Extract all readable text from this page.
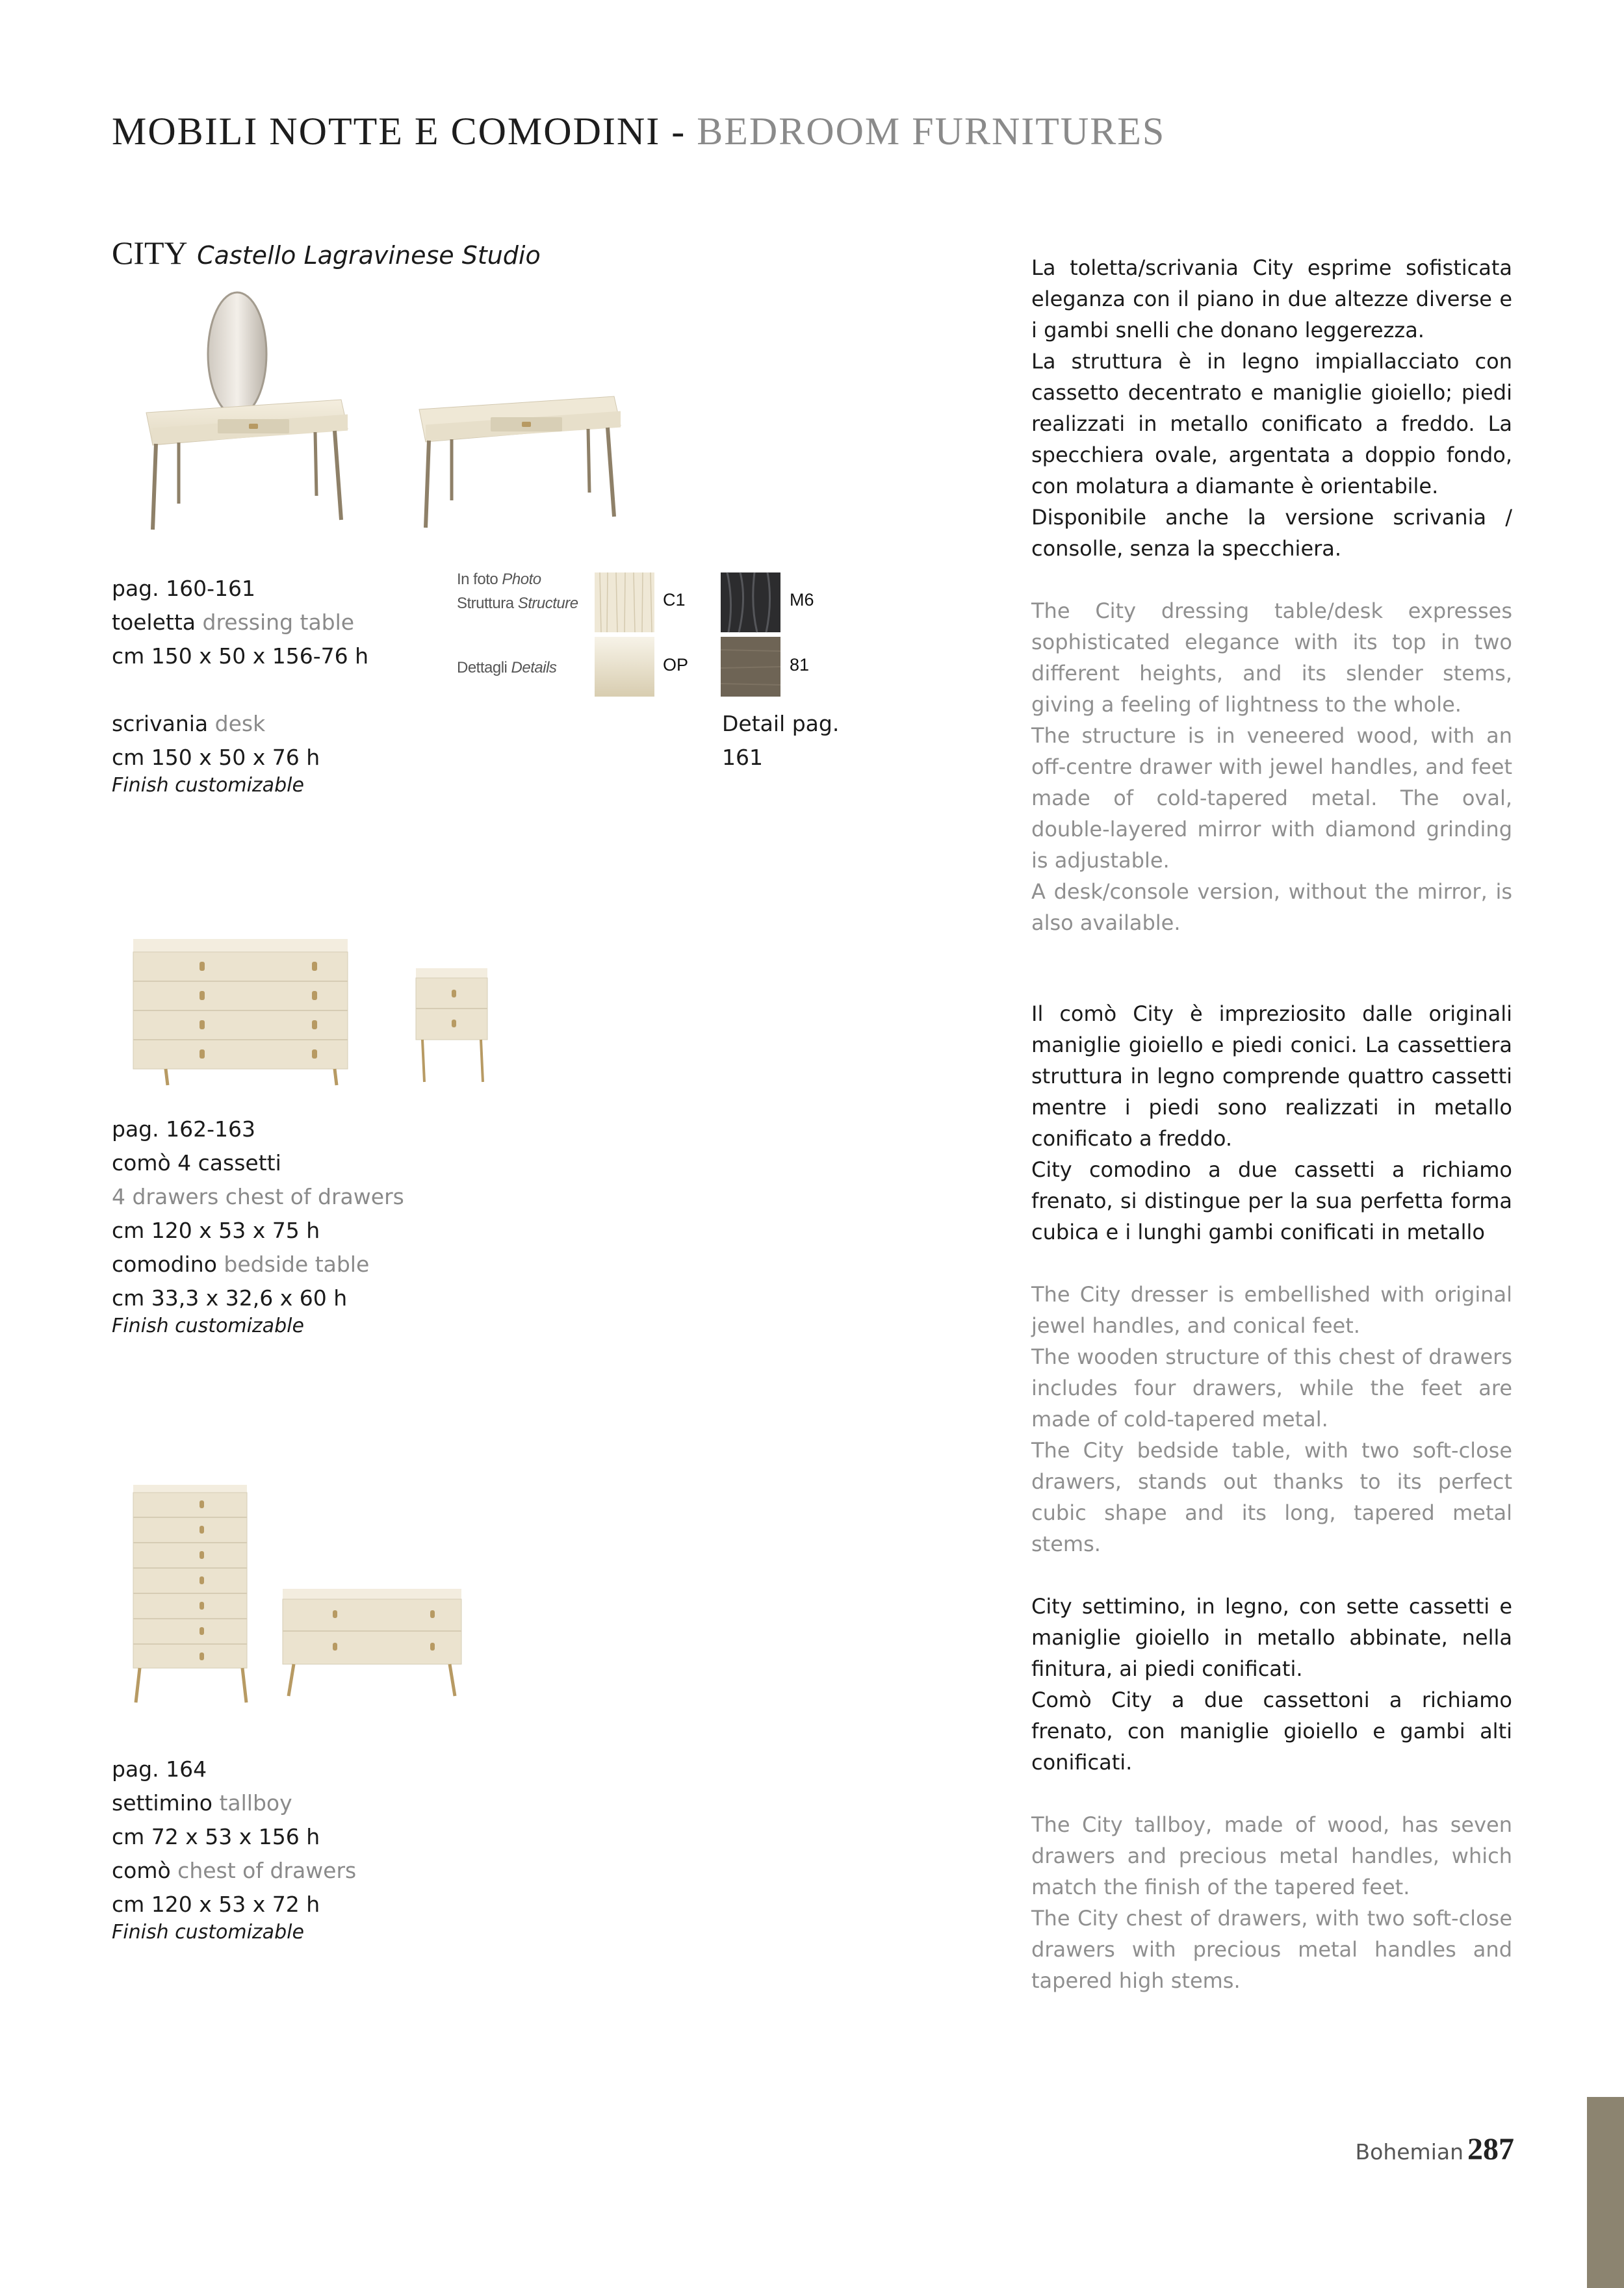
MOBILI NOTTE E COMODINI - BEDROOM FURNITURES
CITY Castello Lagravinese Studio
pag. 160-161
toeletta dressing table
cm 150 x 50 x 156-76 h
scrivania desk
cm 150 x 50 x 76 h
Finish customizable
In foto Photo
Struttura Structure
Dettagli Details
C1	M6
OP	81
Detail pag.
161

La toletta/scrivania City esprime sofisticata eleganza con il piano in due altezze diverse e i gambi snelli che donano leggerezza.

La struttura è in legno impiallacciato con cassetto decentrato e maniglie gioiello; piedi realizzati in metallo conificato a freddo. La specchiera ovale, argentata a doppio fondo, con molatura a diamante è orientabile.

Disponibile anche la versione scrivania / consolle, senza la specchiera.

The City dressing table/desk expresses sophisticated elegance with its top in two different heights, and its slender stems, giving a feeling of lightness to the whole.

The structure is in veneered wood, with an off-centre drawer with jewel handles, and feet made of cold-tapered metal. The oval, double-layered mirror with diamond grinding is adjustable.

A desk/console version, without the mirror, is also available.

pag. 162-163
comò 4 cassetti
4 drawers chest of drawers
cm 120 x 53 x 75 h
comodino bedside table
cm 33,3 x 32,6 x 60 h
Finish customizable

Il comò City è impreziosito dalle originali maniglie gioiello e piedi conici. La cassettiera struttura in legno comprende quattro cassetti mentre i piedi sono realizzati in metallo conificato a freddo.

City comodino a due cassetti a richiamo frenato, si distingue per la sua perfetta forma cubica e i lunghi gambi conificati in metallo

The City dresser is embellished with original jewel handles, and conical feet.

The wooden structure of this chest of drawers includes four drawers, while the feet are made of cold-tapered metal.

The City bedside table, with two soft-close drawers, stands out thanks to its perfect cubic shape and its long, tapered metal stems.

pag. 164
settimino tallboy
cm 72 x 53 x 156 h
comò chest of drawers
cm 120 x 53 x 72 h
Finish customizable

City settimino, in legno, con sette cassetti e maniglie gioiello in metallo abbinate, nella finitura, ai piedi conificati.

Comò City a due cassettoni a richiamo frenato, con maniglie gioiello e gambi alti conificati.

The City tallboy, made of wood, has seven drawers and precious metal handles, which match the finish of the tapered feet.

The City chest of drawers, with two soft-close drawers with precious metal handles and tapered high stems.

Bohemian 287
